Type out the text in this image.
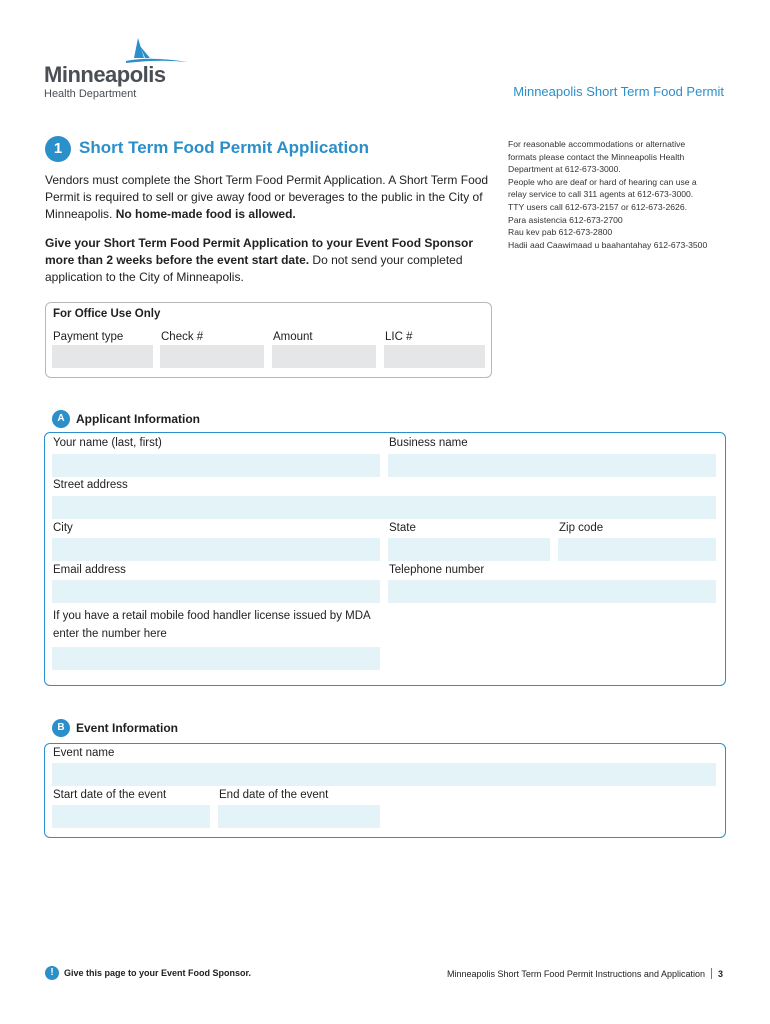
Minneapolis
Health Department	Minneapolis Short Term Food Permit
1 Short Term Food Permit Application
Vendors must complete the Short Term Food Permit Application. A Short Term Food Permit is required to sell or give away food or beverages to the public in the City of Minneapolis. No home-made food is allowed.
Give your Short Term Food Permit Application to your Event Food Sponsor more than 2 weeks before the event start date. Do not send your completed application to the City of Minneapolis.
For reasonable accommodations or alternative
formats please contact the Minneapolis Health
Department at 612-673-3000.
People who are deaf or hard of hearing can use a
relay service to call 311 agents at 612-673-3000.
TTY users call 612-673-2157 or 612-673-2626.
Para asistencia 612-673-2700
Rau kev pab 612-673-2800
Hadii aad Caawimaad u baahantahay 612-673-3500
For Office Use Only
Payment type	Check #	Amount	LIC #
A Applicant Information
Your name (last, first)	Business name
Street address
City	State	Zip code
Email address	Telephone number
If you have a retail mobile food handler license issued by MDA
enter the number here
B Event Information
Event name
Start date of the event	End date of the event
!	Give this page to your Event Food Sponsor.	Minneapolis Short Term Food Permit Instructions and Application 3
